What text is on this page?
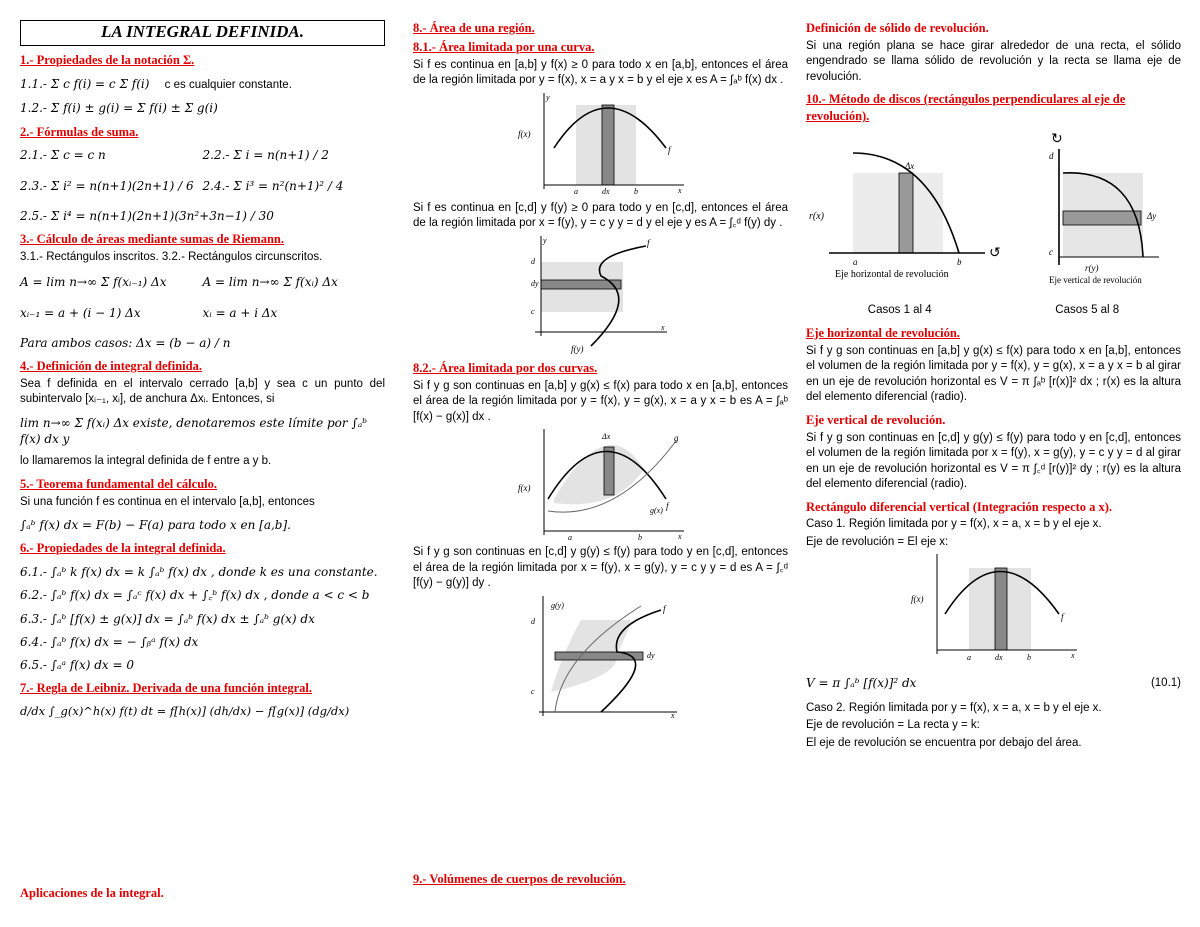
LA INTEGRAL DEFINIDA.
1.- Propiedades de la notación Σ.
1.1.- Σ c f(i) = c Σ f(i) c es cualquier constante.
1.2.- Σ f(i) ± g(i) = Σ f(i) ± Σ g(i)
2.- Fórmulas de suma.
2.1.- Σ c = c n	2.2.- Σ i = n(n+1) / 2
2.3.- Σ i² = n(n+1)(2n+1) / 6 2.4.- Σ i³ = n²(n+1)² / 4
2.5.- Σ i⁴ = n(n+1)(2n+1)(3n²+3n−1) / 30
3.- Cálculo de áreas mediante sumas de Riemann.
3.1.- Rectángulos inscritos. 3.2.- Rectángulos circunscritos.
A = lim n→∞ Σ f(xᵢ₋₁) Δx	A = lim n→∞ Σ f(xᵢ) Δx
xᵢ₋₁ = a + (i − 1) Δx	xᵢ = a + i Δx
Para ambos casos: Δx = (b − a) / n
4.- Definición de integral definida.
Sea f definida en el intervalo cerrado [a,b] y sea c un punto del subintervalo [xᵢ₋₁, xᵢ], de anchura Δxᵢ. Entonces, si
lim n→∞ Σ f(xᵢ) Δx existe, denotaremos este límite por ∫ₐᵇ f(x) dx y
lo llamaremos la integral definida de f entre a y b.
5.- Teorema fundamental del cálculo.
Si una función f es continua en el intervalo [a,b], entonces
∫ₐᵇ f(x) dx = F(b) − F(a) para todo x en [a,b].
6.- Propiedades de la integral definida.
6.1.- ∫ₐᵇ k f(x) dx = k ∫ₐᵇ f(x) dx , donde k es una constante.
6.2.- ∫ₐᵇ f(x) dx = ∫ₐᶜ f(x) dx + ∫꜀ᵇ f(x) dx , donde a < c < b
6.3.- ∫ₐᵇ [f(x) ± g(x)] dx = ∫ₐᵇ f(x) dx ± ∫ₐᵇ g(x) dx
6.4.- ∫ₐᵇ f(x) dx = − ∫ᵦᵃ f(x) dx
6.5.- ∫ₐᵃ f(x) dx = 0
7.- Regla de Leibniz. Derivada de una función integral.
d/dx ∫_g(x)^h(x) f(t) dt = f[h(x)] (dh/dx) − f[g(x)] (dg/dx)
Aplicaciones de la integral.
8.- Área de una región.
8.1.- Área limitada por una curva.
Si f es continua en [a,b] y f(x) ≥ 0 para todo x en [a,b], entonces el área de la región limitada por y = f(x), x = a y x = b y el eje x es A = ∫ₐᵇ f(x) dx .
f(x)
f
a	dx	b	x
y
Si f es continua en [c,d] y f(y) ≥ 0 para todo y en [c,d], entonces el área de la región limitada por x = f(y), y = c y y = d y el eje y es A = ∫꜀ᵈ f(y) dy .
d
dy
c
f
f(y)
x
y
8.2.- Área limitada por dos curvas.
Si f y g son continuas en [a,b] y g(x) ≤ f(x) para todo x en [a,b], entonces el área de la región limitada por y = f(x), y = g(x), x = a y x = b es A = ∫ₐᵇ [f(x) − g(x)] dx .
f(x)
f
g
Δx
g(x)
a	b	x
Si f y g son continuas en [c,d] y g(y) ≤ f(y) para todo y en [c,d], entonces el área de la región limitada por x = f(y), x = g(y), y = c y y = d es A = ∫꜀ᵈ [f(y) − g(y)] dy .
d
c
g(y)
dy
f
x
9.- Volúmenes de cuerpos de revolución.
Definición de sólido de revolución.
Si una región plana se hace girar alrededor de una recta, el sólido engendrado se llama sólido de revolución y la recta se llama eje de revolución.
10.- Método de discos (rectángulos perpendiculares al eje de revolución).
r(x)
Δx
a	b
Eje horizontal de revolución
↺
d
c
Δy
r(y)
Eje vertical de revolución
↻
Casos 1 al 4	Casos 5 al 8
Eje horizontal de revolución.
Si f y g son continuas en [a,b] y g(x) ≤ f(x) para todo x en [a,b], entonces el volumen de la región limitada por y = f(x), y = g(x), x = a y x = b al girar en un eje de revolución horizontal es V = π ∫ₐᵇ [r(x)]² dx ; r(x) es la altura del elemento diferencial (radio).
Eje vertical de revolución.
Si f y g son continuas en [c,d] y g(y) ≤ f(y) para todo y en [c,d], entonces el volumen de la región limitada por x = f(y), x = g(y), y = c y y = d al girar en un eje de revolución horizontal es V = π ∫꜀ᵈ [r(y)]² dy ; r(y) es la altura del elemento diferencial (radio).
Rectángulo diferencial vertical (Integración respecto a x).
Caso 1. Región limitada por y = f(x), x = a, x = b y el eje x.
Eje de revolución = El eje x:
f(x)
f
a	dx	b	x
V = π ∫ₐᵇ [f(x)]² dx	(10.1)
Caso 2. Región limitada por y = f(x), x = a, x = b y el eje x.
Eje de revolución = La recta y = k:
El eje de revolución se encuentra por debajo del área.
